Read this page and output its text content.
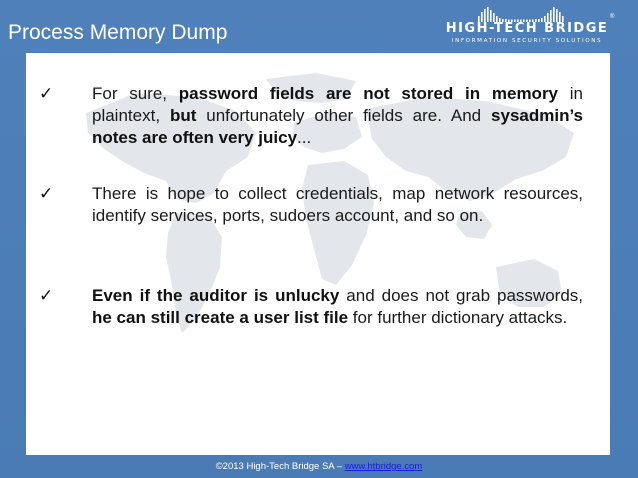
Process Memory Dump
®
HIGH-TECH BRIDGE
INFORMATION SECURITY SOLUTIONS
✓ For sure, password fields are not stored in memory in plaintext, but unfortunately other fields are. And sysadmin’s notes are often very juicy...
✓ There is hope to collect credentials, map network resources, identify services, ports, sudoers account, and so on.
✓ Even if the auditor is unlucky and does not grab passwords, he can still create a user list file for further dictionary attacks.
©2013 High-Tech Bridge SA – www.htbridge.com
